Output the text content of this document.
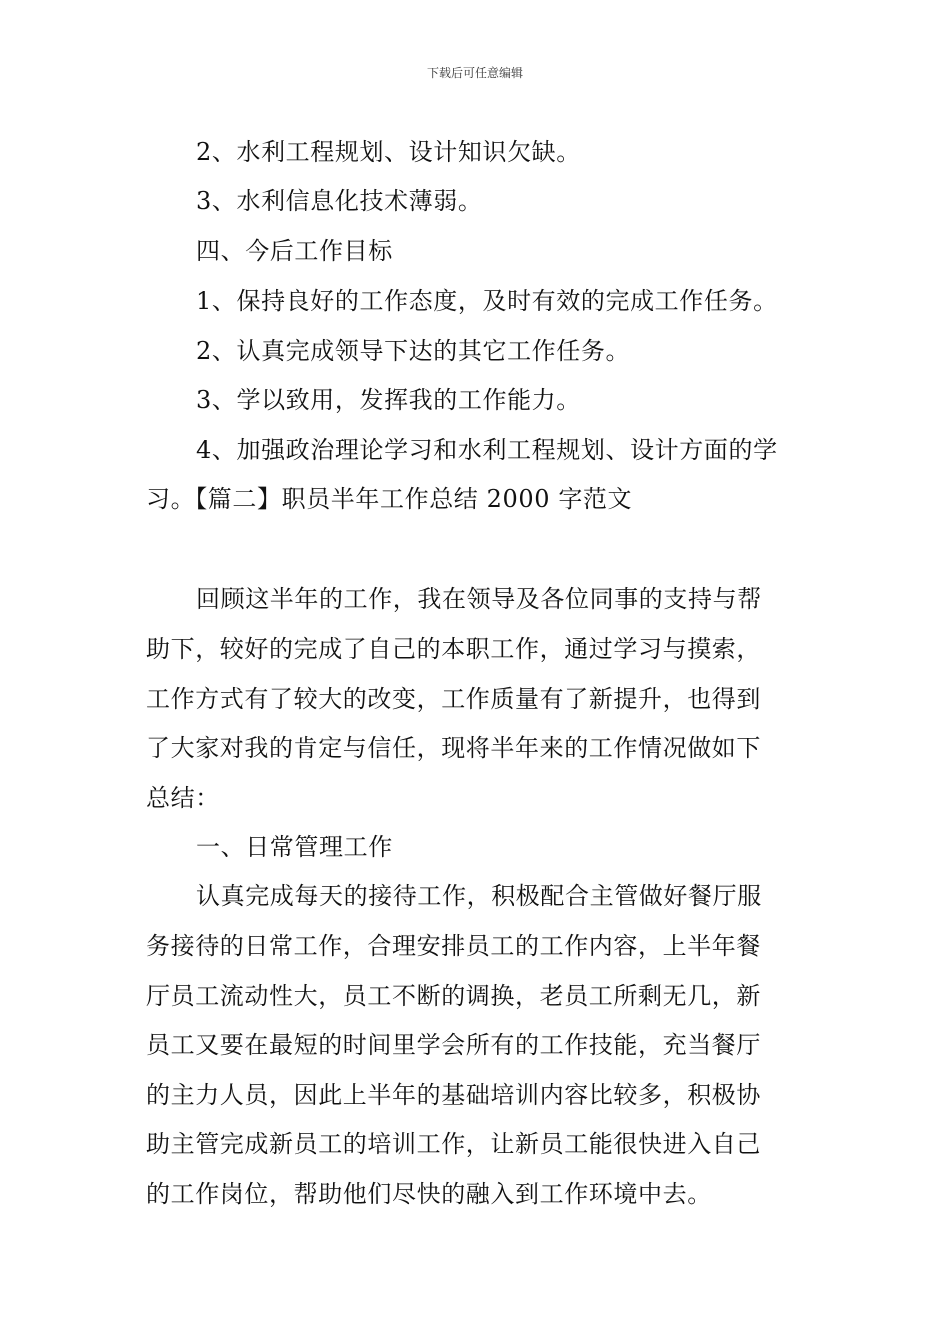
下载后可任意编辑
2、水利工程规划、设计知识欠缺。
3、水利信息化技术薄弱。
四、今后工作目标
1、保持良好的工作态度，及时有效的完成工作任务。
2、认真完成领导下达的其它工作任务。
3、学以致用，发挥我的工作能力。
4、加强政治理论学习和水利工程规划、设计方面的学
习。【篇二】职员半年工作总结 2000 字范文
回顾这半年的工作，我在领导及各位同事的支持与帮
助下，较好的完成了自己的本职工作，通过学习与摸索，
工作方式有了较大的改变，工作质量有了新提升，也得到
了大家对我的肯定与信任，现将半年来的工作情况做如下
总结：
一、日常管理工作
认真完成每天的接待工作，积极配合主管做好餐厅服
务接待的日常工作，合理安排员工的工作内容，上半年餐
厅员工流动性大，员工不断的调换，老员工所剩无几，新
员工又要在最短的时间里学会所有的工作技能，充当餐厅
的主力人员，因此上半年的基础培训内容比较多，积极协
助主管完成新员工的培训工作，让新员工能很快进入自己
的工作岗位，帮助他们尽快的融入到工作环境中去。
